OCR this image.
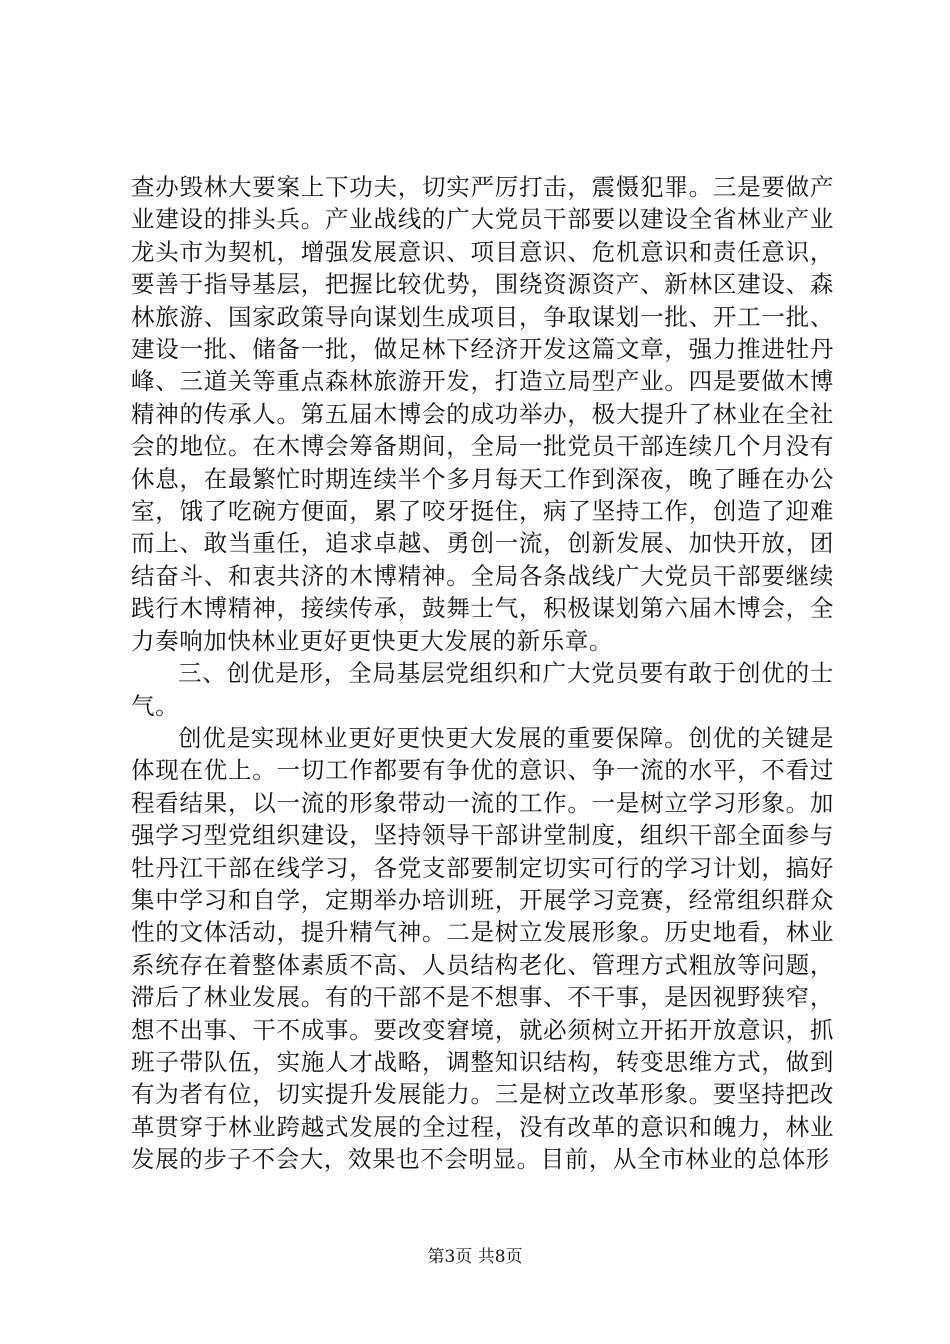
查办毁林大要案上下功夫，切实严厉打击，震慑犯罪。三是要做产业建设的排头兵。产业战线的广大党员干部要以建设全省林业产业龙头市为契机，增强发展意识、项目意识、危机意识和责任意识，要善于指导基层，把握比较优势，围绕资源资产、新林区建设、森林旅游、国家政策导向谋划生成项目，争取谋划一批、开工一批、建设一批、储备一批，做足林下经济开发这篇文章，强力推进牡丹峰、三道关等重点森林旅游开发，打造立局型产业。四是要做木博精神的传承人。第五届木博会的成功举办，极大提升了林业在全社会的地位。在木博会筹备期间，全局一批党员干部连续几个月没有休息，在最繁忙时期连续半个多月每天工作到深夜，晚了睡在办公室，饿了吃碗方便面，累了咬牙挺住，病了坚持工作，创造了迎难而上、敢当重任，追求卓越、勇创一流，创新发展、加快开放，团结奋斗、和衷共济的木博精神。全局各条战线广大党员干部要继续践行木博精神，接续传承，鼓舞士气，积极谋划第六届木博会，全力奏响加快林业更好更快更大发展的新乐章。

三、创优是形，全局基层党组织和广大党员要有敢于创优的士气。

创优是实现林业更好更快更大发展的重要保障。创优的关键是体现在优上。一切工作都要有争优的意识、争一流的水平，不看过程看结果，以一流的形象带动一流的工作。一是树立学习形象。加强学习型党组织建设，坚持领导干部讲堂制度，组织干部全面参与牡丹江干部在线学习，各党支部要制定切实可行的学习计划，搞好集中学习和自学，定期举办培训班，开展学习竞赛，经常组织群众性的文体活动，提升精气神。二是树立发展形象。历史地看，林业系统存在着整体素质不高、人员结构老化、管理方式粗放等问题，滞后了林业发展。有的干部不是不想事、不干事，是因视野狭窄，想不出事、干不成事。要改变窘境，就必须树立开拓开放意识，抓班子带队伍，实施人才战略，调整知识结构，转变思维方式，做到有为者有位，切实提升发展能力。三是树立改革形象。要坚持把改革贯穿于林业跨越式发展的全过程，没有改革的意识和魄力，林业发展的步子不会大，效果也不会明显。目前，从全市林业的总体形

第3页 共8页
